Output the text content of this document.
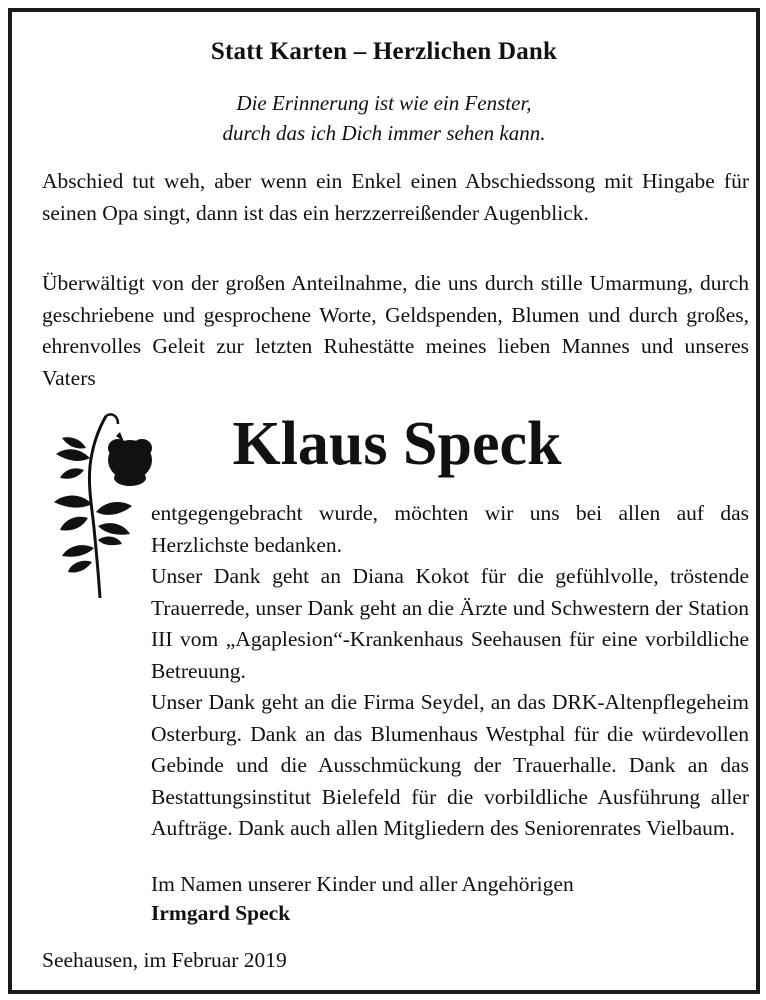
Statt Karten – Herzlichen Dank
Die Erinnerung ist wie ein Fenster,
durch das ich Dich immer sehen kann.

Abschied tut weh, aber wenn ein Enkel einen Abschiedssong mit Hingabe für seinen Opa singt, dann ist das ein herzzerreißender Augenblick.

Überwältigt von der großen Anteilnahme, die uns durch stille Umarmung, durch geschriebene und gesprochene Worte, Geldspenden, Blumen und durch großes, ehrenvolles Geleit zur letzten Ruhestätte meines lieben Mannes und unseres Vaters

Klaus Speck

entgegengebracht wurde, möchten wir uns bei allen auf das Herzlichste bedanken.

Unser Dank geht an Diana Kokot für die gefühlvolle, tröstende Trauerrede, unser Dank geht an die Ärzte und Schwestern der Station III vom „Agaplesion“-Krankenhaus Seehausen für eine vorbildliche Betreuung.

Unser Dank geht an die Firma Seydel, an das DRK-Altenpflegeheim Osterburg. Dank an das Blumenhaus Westphal für die würdevollen Gebinde und die Ausschmückung der Trauerhalle. Dank an das Bestattungsinstitut Bielefeld für die vorbildliche Ausführung aller Aufträge. Dank auch allen Mitgliedern des Seniorenrates Vielbaum.

Im Namen unserer Kinder und aller Angehörigen
Irmgard Speck
Seehausen, im Februar 2019
